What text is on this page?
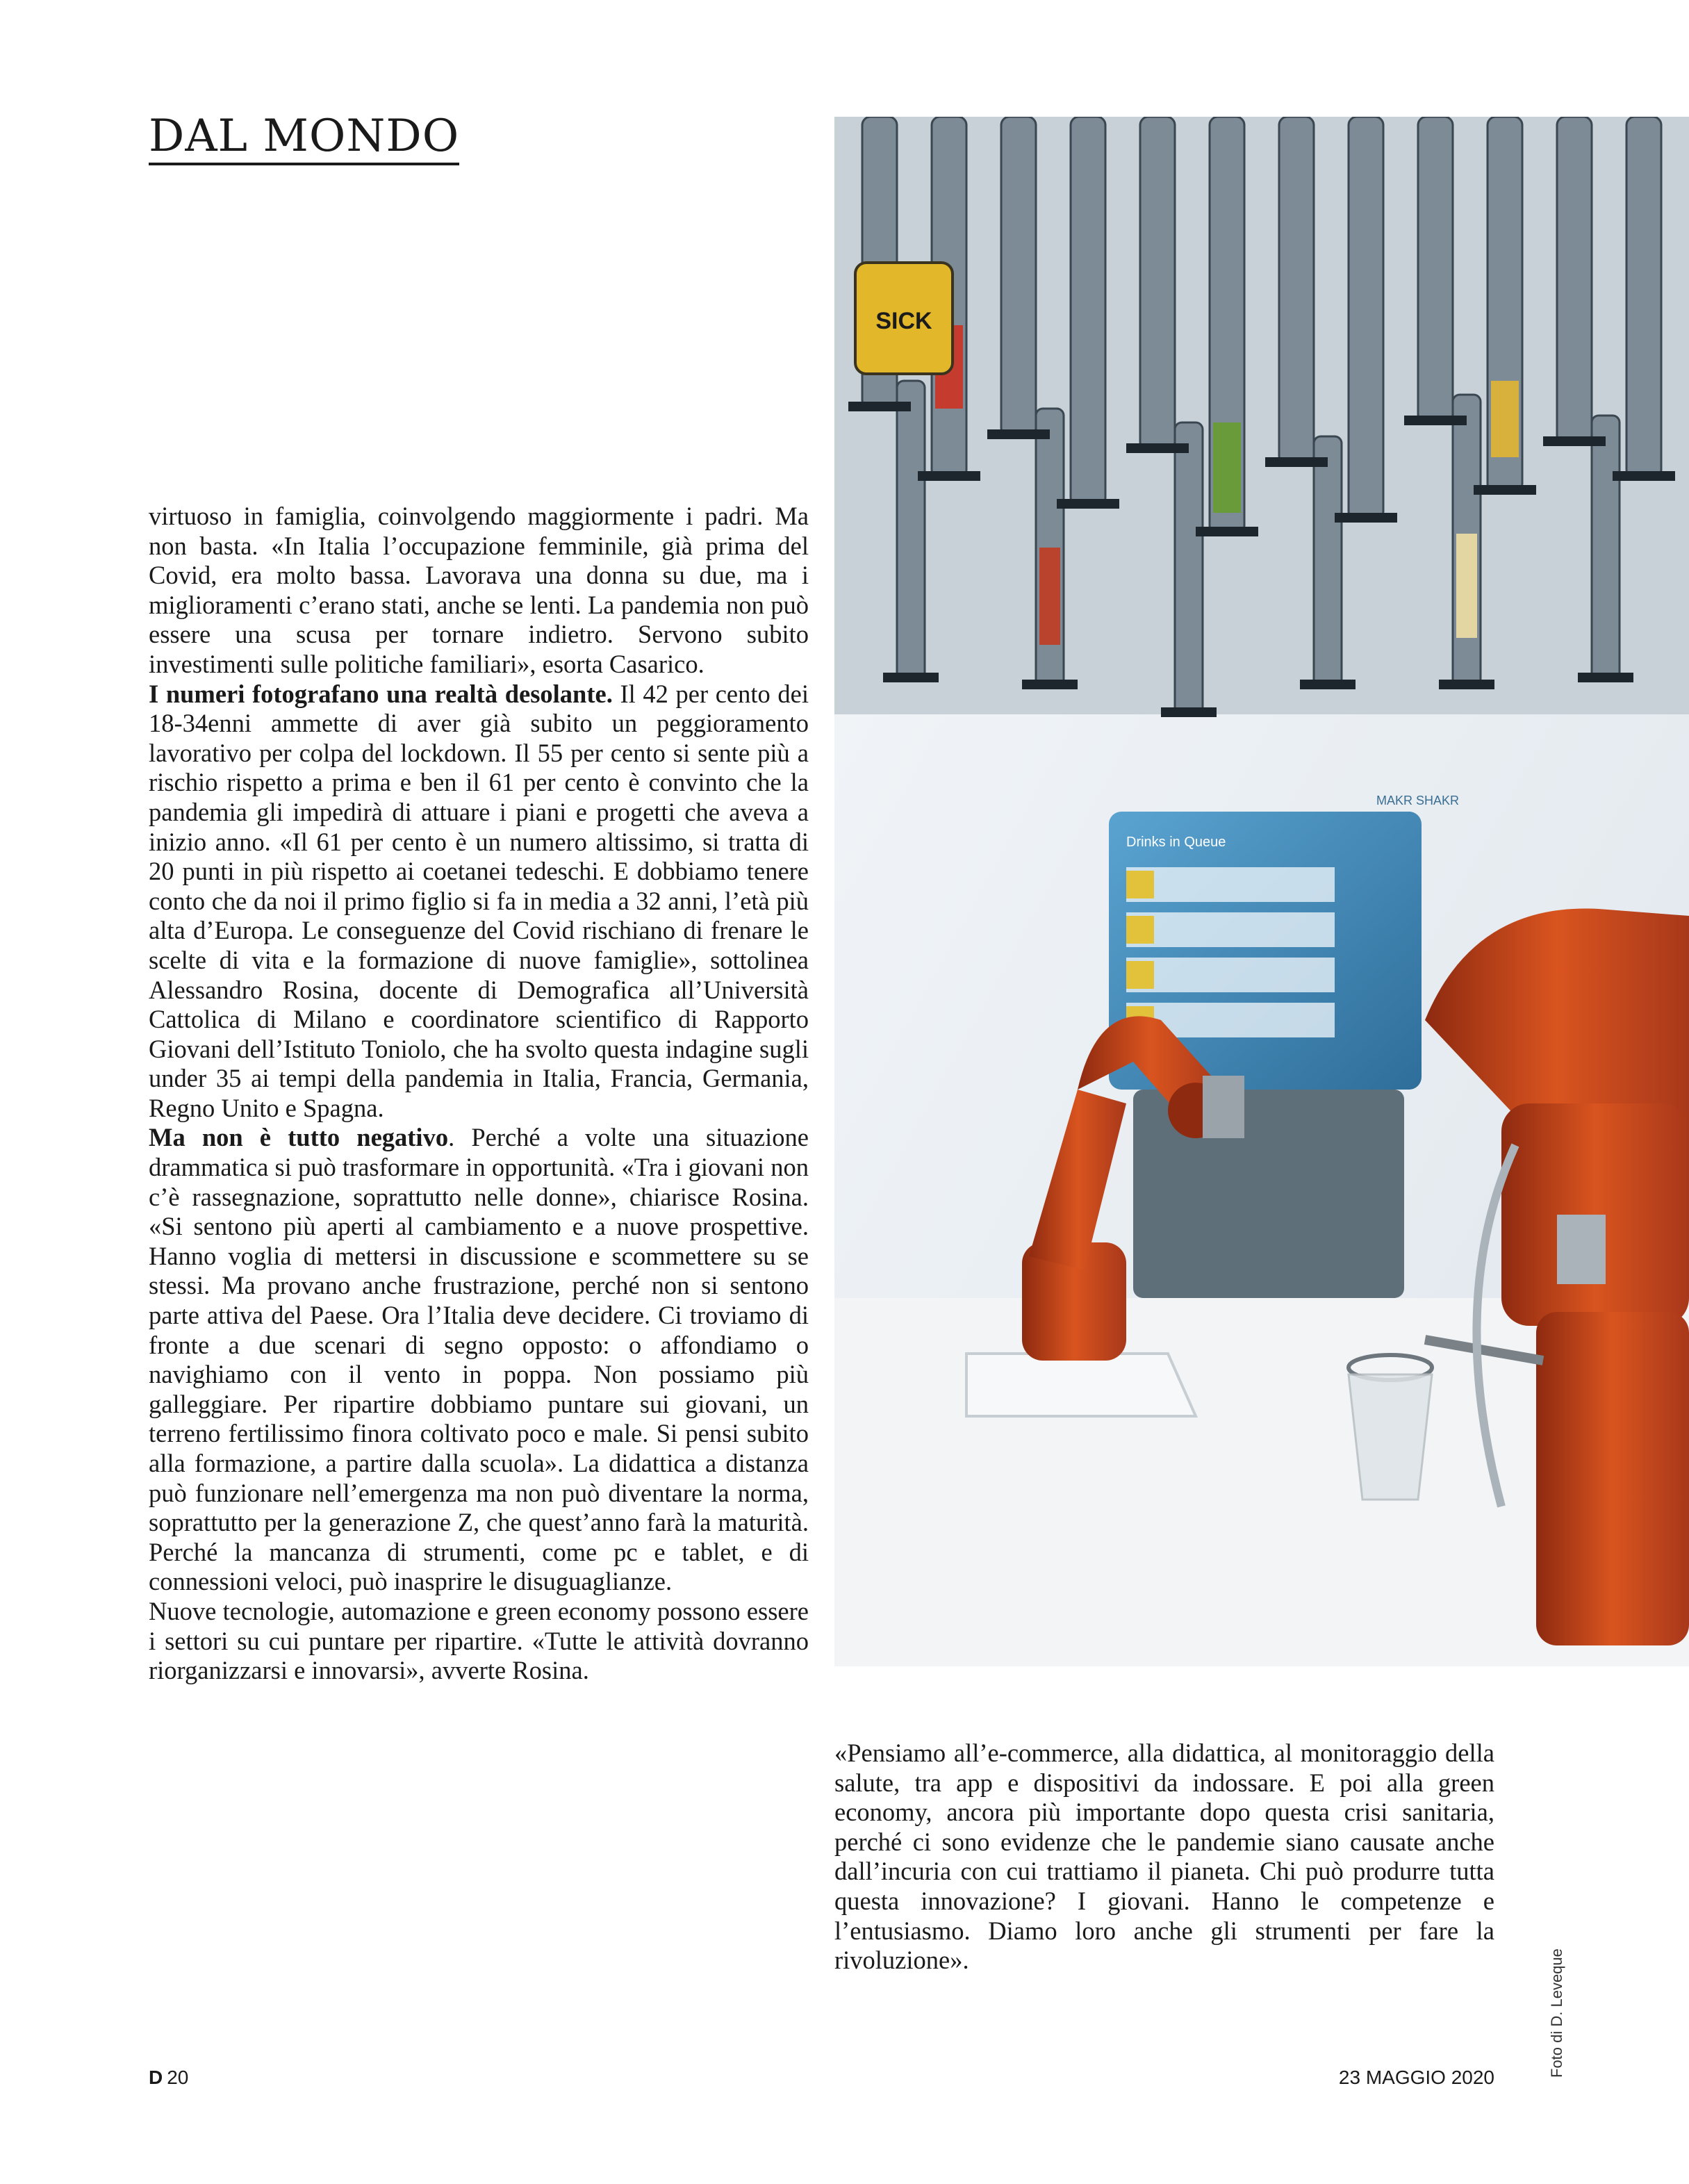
DAL MONDO

virtuoso in famiglia, coinvolgendo maggiormente i padri. Ma non basta. «In Italia l’occupazione femminile, già prima del Covid, era molto bassa. Lavorava una donna su due, ma i miglioramenti c’erano stati, anche se lenti. La pandemia non può essere una scusa per tornare indietro. Servono subito investimenti sulle politiche familiari», esorta Casarico.

I numeri fotografano una realtà desolante. Il 42 per cento dei 18-34enni ammette di aver già subito un peggioramento lavorativo per colpa del lockdown. Il 55 per cento si sente più a rischio rispetto a prima e ben il 61 per cento è convinto che la pandemia gli impedirà di attuare i piani e progetti che aveva a inizio anno. «Il 61 per cento è un numero altissimo, si tratta di 20 punti in più rispetto ai coetanei tedeschi. E dobbiamo tenere conto che da noi il primo figlio si fa in media a 32 anni, l’età più alta d’Europa. Le conseguenze del Covid rischiano di frenare le scelte di vita e la formazione di nuove famiglie», sottolinea Alessandro Rosina, docente di Demografica all’Università Cattolica di Milano e coordinatore scientifico di Rapporto Giovani dell’Istituto Toniolo, che ha svolto questa indagine sugli under 35 ai tempi della pandemia in Italia, Francia, Germania, Regno Unito e Spagna.

Ma non è tutto negativo. Perché a volte una situazione drammatica si può trasformare in opportunità. «Tra i giovani non c’è rassegnazione, soprattutto nelle donne», chiarisce Rosina. «Si sentono più aperti al cambiamento e a nuove prospettive. Hanno voglia di mettersi in discussione e scommettere su se stessi. Ma provano anche frustrazione, perché non si sentono parte attiva del Paese. Ora l’Italia deve decidere. Ci troviamo di fronte a due scenari di segno opposto: o affondiamo o navighiamo con il vento in poppa. Non possiamo più galleggiare. Per ripartire dobbiamo puntare sui giovani, un terreno fertilissimo finora coltivato poco e male. Si pensi subito alla formazione, a partire dalla scuola». La didattica a distanza può funzionare nell’emergenza ma non può diventare la norma, soprattutto per la generazione Z, che quest’anno farà la maturità. Perché la mancanza di strumenti, come pc e tablet, e di connessioni veloci, può inasprire le disuguaglianze.

Nuove tecnologie, automazione e green economy possono essere i settori su cui puntare per ripartire. «Tutte le attività dovranno riorganizzarsi e innovarsi», avverte Rosina.

SICK
Drinks in Queue
MAKR SHAKR

«Pensiamo all’e-commerce, alla didattica, al monitoraggio della salute, tra app e dispositivi da indossare. E poi alla green economy, ancora più importante dopo questa crisi sanitaria, perché ci sono evidenze che le pandemie siano causate anche dall’incuria con cui trattiamo il pianeta. Chi può produrre tutta questa innovazione? I giovani. Hanno le competenze e l’entusiasmo. Diamo loro anche gli strumenti per fare la rivoluzione».	Foto di D. Leveque
D 20	23 MAGGIO 2020
